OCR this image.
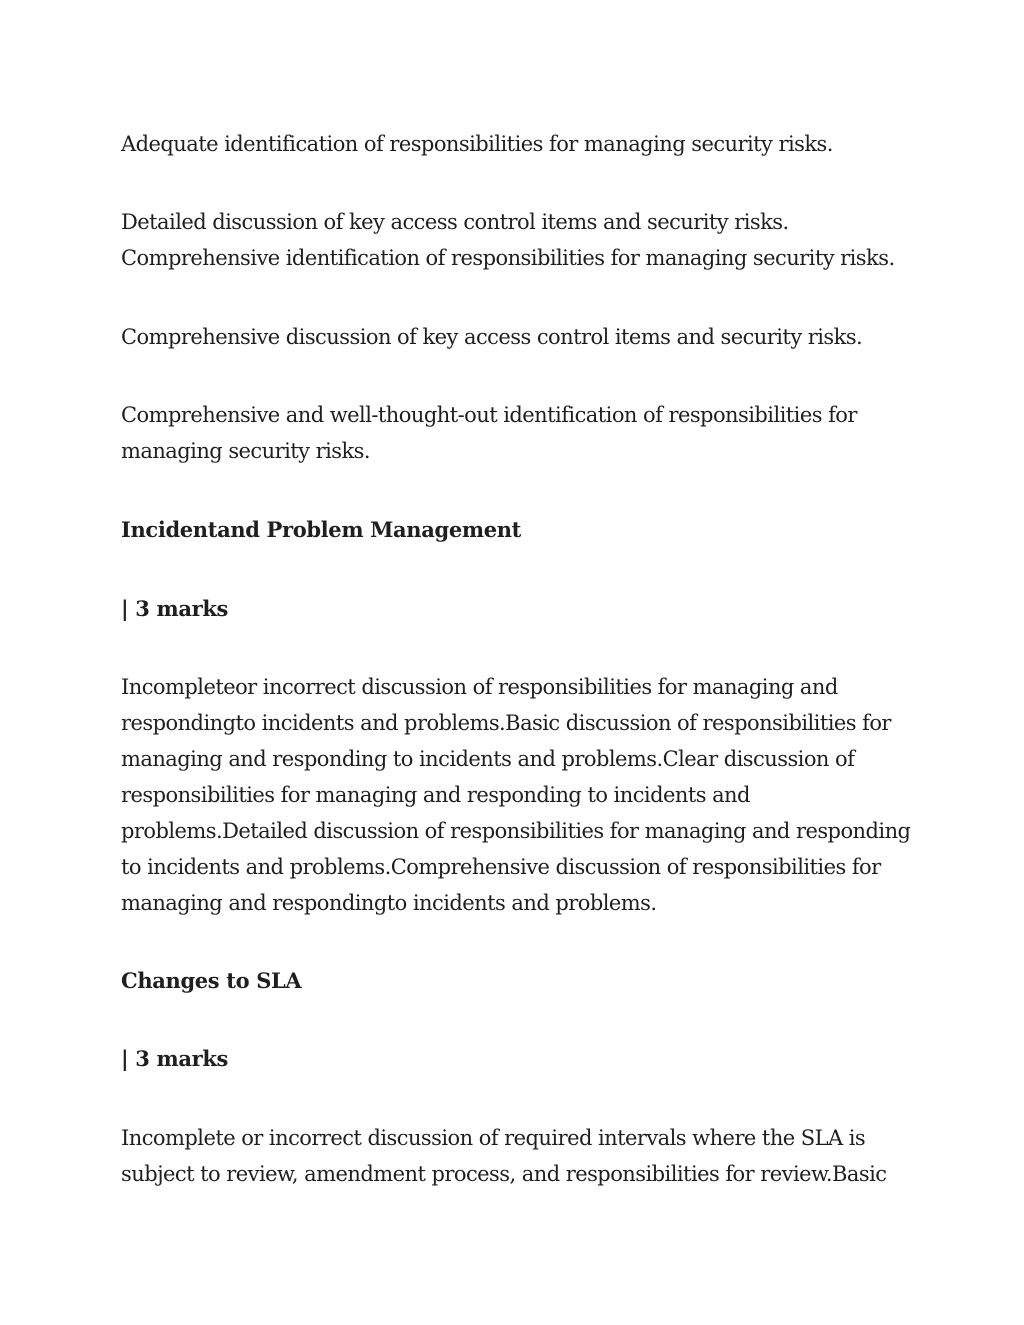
Adequate identification of responsibilities for managing security risks.

Detailed discussion of key access control items and security risks.
Comprehensive identification of responsibilities for managing security risks.

Comprehensive discussion of key access control items and security risks.

Comprehensive and well-thought-out identification of responsibilities for
managing security risks.

Incidentand Problem Management
| 3 marks

Incompleteor incorrect discussion of responsibilities for managing and
respondingto incidents and problems.Basic discussion of responsibilities for
managing and responding to incidents and problems.Clear discussion of
responsibilities for managing and responding to incidents and
problems.Detailed discussion of responsibilities for managing and responding
to incidents and problems.Comprehensive discussion of responsibilities for
managing and respondingto incidents and problems.

Changes to SLA
| 3 marks

Incomplete or incorrect discussion of required intervals where the SLA is
subject to review, amendment process, and responsibilities for review.Basic
